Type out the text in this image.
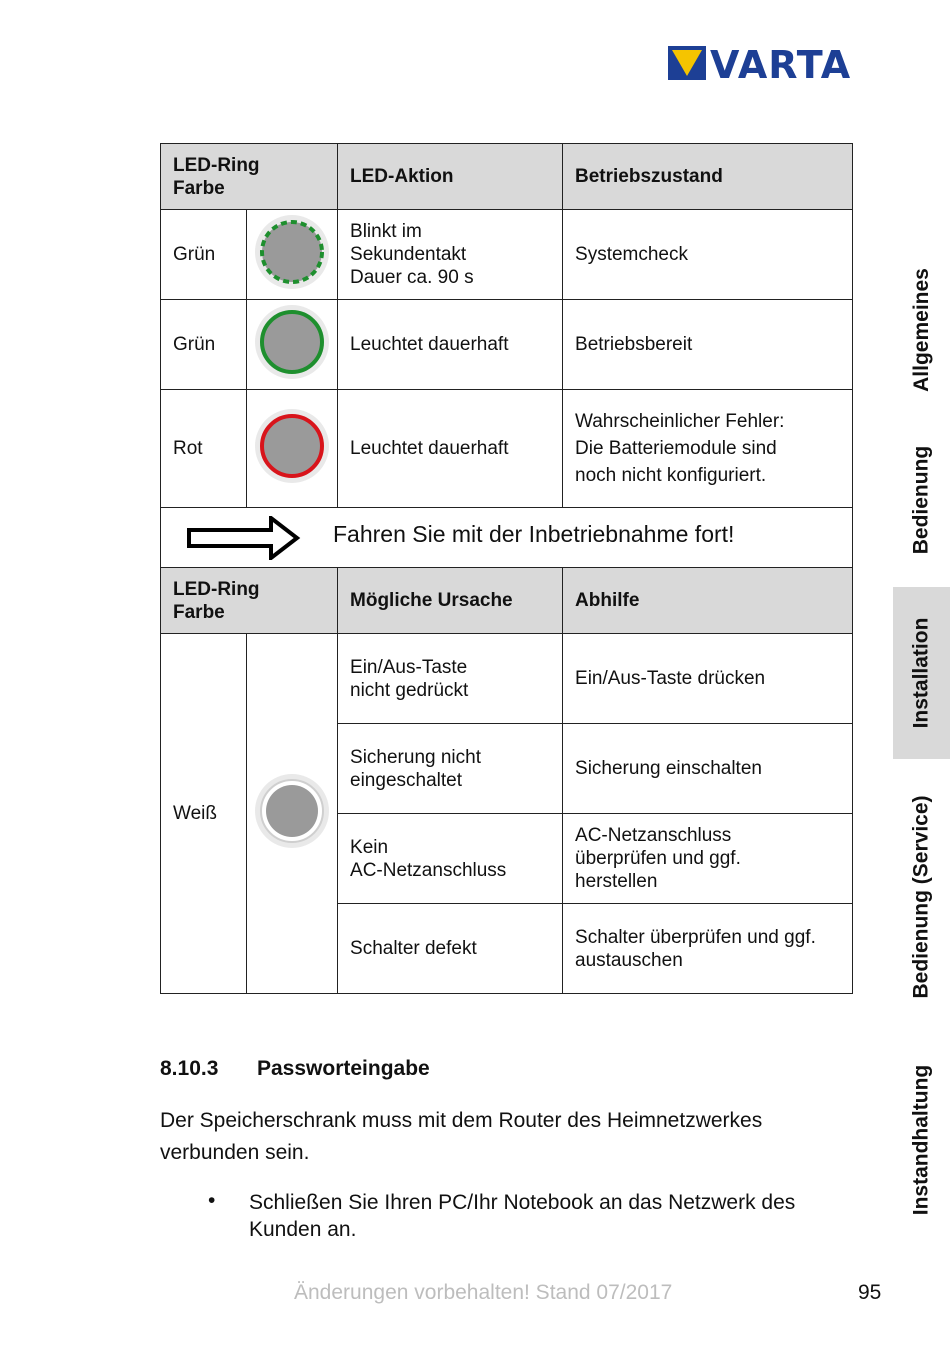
VARTA
LED-Ring
Farbe		LED-Aktion	Betriebszustand
Grün		Blinkt im
Sekundentakt
Dauer ca. 90 s	Systemcheck
Grün		Leuchtet dauerhaft	Betriebsbereit
Rot		Leuchtet dauerhaft	Wahrscheinlicher Fehler:
Die Batteriemodule sind
noch nicht konfiguriert.

Fahren Sie mit der Inbetriebnahme fort!			

LED-Ring
Farbe		Mögliche Ursache	Abhilfe
Weiß		Ein/Aus-Taste
nicht gedrückt	Ein/Aus-Taste drücken
		Sicherung nicht
eingeschaltet	Sicherung einschalten
		Kein
AC-Netzanschluss	AC-Netzanschluss
überprüfen und ggf.
herstellen
		Schalter defekt	Schalter überprüfen und ggf.
austauschen
8.10.3 Passworteingabe
Der Speicherschrank muss mit dem Router des Heimnetzwerkes verbunden sein.
• Schließen Sie Ihren PC/Ihr Notebook an das Netzwerk des Kunden an.
Änderungen vorbehalten! Stand 07/2017	95
Allgemeines
Bedienung
Installation
Bedienung (Service)
Instandhaltung
